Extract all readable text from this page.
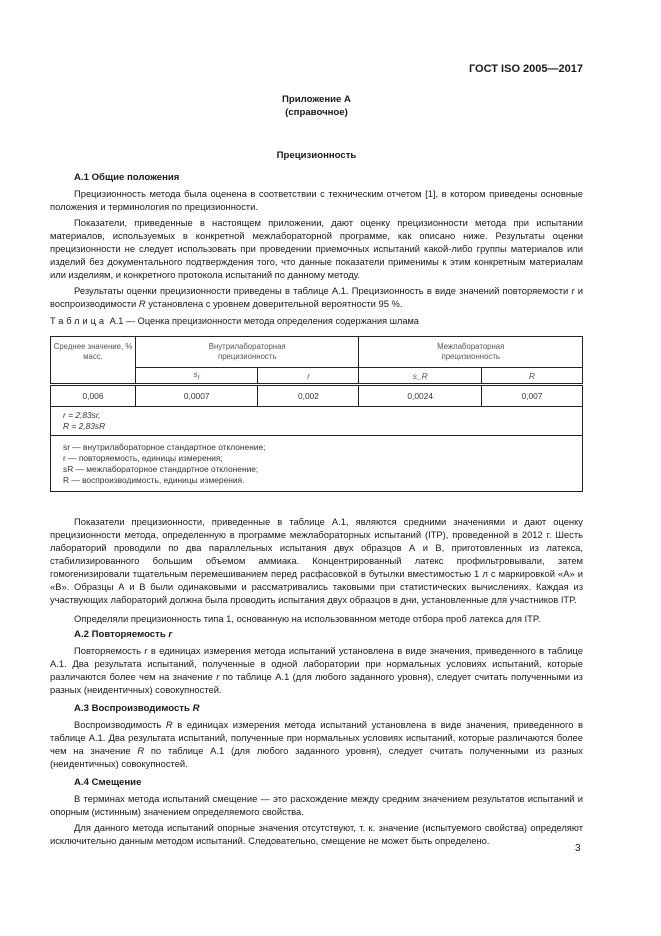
ГОСТ ISO 2005—2017
Приложение А
(справочное)
Прецизионность
А.1 Общие положения

Прецизионность метода была оценена в соответствии с техническим отчетом [1], в котором приведены основные положения и терминология по прецизионности.

Показатели, приведенные в настоящем приложении, дают оценку прецизионности метода при испытании материалов, используемых в конкретной межлабораторной программе, как описано ниже. Результаты оценки прецизионности не следует использовать при проведении приемочных испытаний какой-либо группы материалов или изделий без документального подтверждения того, что данные показатели применимы к этим конкретным материалам или изделиям, и конкретного протокола испытаний по данному методу.

Результаты оценки прецизионности приведены в таблице А.1. Прецизионность в виде значений повторяемости r и воспроизводимости R установлена с уровнем доверительной вероятности 95 %.

Таблица А.1 — Оценка прецизионности метода определения содержания шлама
Среднее значение, % масс.	Внутрилабораторная прецизионность		Межлабораторная прецизионность	

	$s_r$	r	s_R	R
0,006	0,0007	0,002	0,0024	0,007

r = 2,83sr,
R = 2,83sR				

sr — внутрилабораторное стандартное отклонение;
r — повторяемость, единицы измерения;
sR — межлабораторное стандартное отклонение;
R — воспроизводимость, единицы измерения.				

Показатели прецизионности, приведенные в таблице А.1, являются средними значениями и дают оценку прецизионности метода, определенную в программе межлабораторных испытаний (ITP), проведенной в 2012 г. Шесть лабораторий проводили по два параллельных испытания двух образцов А и В, приготовленных из латекса, стабилизированного большим объемом аммиака. Концентрированный латекс профильтровывали, затем гомогенизировали тщательным перемешиванием перед расфасовкой в бутылки вместимостью 1 л с маркировкой «А» и «В». Образцы А и В были одинаковыми и рассматривались таковыми при статистических вычислениях. Каждая из участвующих лабораторий должна была проводить испытания двух образцов в дни, установленные для участников ITP.

Определяли прецизионность типа 1, основанную на использованном методе отбора проб латекса для ITP.

А.2 Повторяемость r

Повторяемость r в единицах измерения метода испытаний установлена в виде значения, приведенного в таблице А.1. Два результата испытаний, полученные в одной лаборатории при нормальных условиях испытаний, которые различаются более чем на значение r по таблице А.1 (для любого заданного уровня), следует считать полученными из разных (неидентичных) совокупностей.

А.3 Воспроизводимость R

Воспроизводимость R в единицах измерения метода испытаний установлена в виде значения, приведенного в таблице А.1. Два результата испытаний, полученные при нормальных условиях испытаний, которые различаются более чем на значение R по таблице А.1 (для любого заданного уровня), следует считать полученными из разных (неидентичных) совокупностей.

А.4 Смещение

В терминах метода испытаний смещение — это расхождение между средним значением результатов испытаний и опорным (истинным) значением определяемого свойства.

Для данного метода испытаний опорные значения отсутствуют, т. к. значение (испытуемого свойства) определяют исключительно данным методом испытаний. Следовательно, смещение не может быть определено.

3
